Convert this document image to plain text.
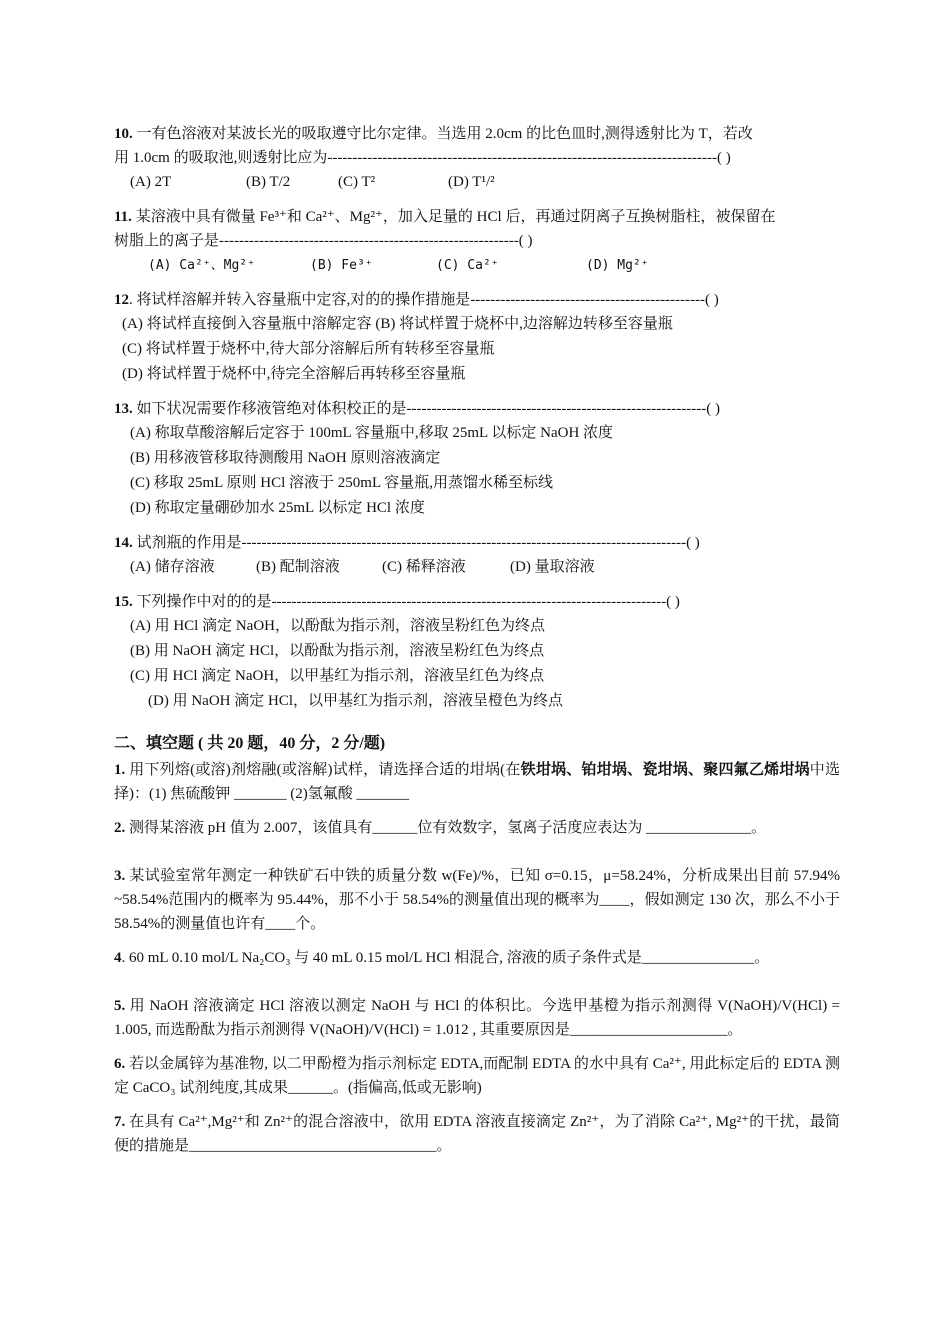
10. 一有色溶液对某波长光的吸取遵守比尔定律。当选用 2.0cm 的比色皿时,测得透射比为 T，若改
用 1.0cm 的吸取池,则透射比应为------------------------------------------------------------------------------( )
(A) 2T	(B) T/2	(C) T²	(D) T¹/²
11. 某溶液中具有微量 Fe³⁺和 Ca²⁺、Mg²⁺，加入足量的 HCl 后，再通过阴离子互换树脂柱，被保留在
树脂上的离子是------------------------------------------------------------( )
(A) Ca²⁺、Mg²⁺	(B) Fe³⁺	(C) Ca²⁺	(D) Mg²⁺
12. 将试样溶解并转入容量瓶中定容,对的的操作措施是-----------------------------------------------( )
(A) 将试样直接倒入容量瓶中溶解定容 (B) 将试样置于烧杯中,边溶解边转移至容量瓶
(C) 将试样置于烧杯中,待大部分溶解后所有转移至容量瓶
(D) 将试样置于烧杯中,待完全溶解后再转移至容量瓶
13. 如下状况需要作移液管绝对体积校正的是------------------------------------------------------------( )
(A) 称取草酸溶解后定容于 100mL 容量瓶中,移取 25mL 以标定 NaOH 浓度
(B) 用移液管移取待测酸用 NaOH 原则溶液滴定
(C) 移取 25mL 原则 HCl 溶液于 250mL 容量瓶,用蒸馏水稀至标线
(D) 称取定量硼砂加水 25mL 以标定 HCl 浓度
14. 试剂瓶的作用是-----------------------------------------------------------------------------------------( )
(A) 储存溶液	(B) 配制溶液	(C) 稀释溶液	(D) 量取溶液
15. 下列操作中对的的是-------------------------------------------------------------------------------( )
(A) 用 HCl 滴定 NaOH，以酚酞为指示剂，溶液呈粉红色为终点
(B) 用 NaOH 滴定 HCl，以酚酞为指示剂，溶液呈粉红色为终点
(C) 用 HCl 滴定 NaOH，以甲基红为指示剂，溶液呈红色为终点
(D) 用 NaOH 滴定 HCl，以甲基红为指示剂，溶液呈橙色为终点
二、填空题 ( 共 20 题，40 分，2 分/题)
1. 用下列熔(或溶)剂熔融(或溶解)试样，请选择合适的坩埚(在铁坩埚、铂坩埚、瓷坩埚、聚四氟乙烯坩埚中选择)：(1) 焦硫酸钾 _______ (2)氢氟酸 _______
2. 测得某溶液 pH 值为 2.007，该值具有______位有效数字，氢离子活度应表达为 ______________。
3. 某试验室常年测定一种铁矿石中铁的质量分数 w(Fe)/%，已知 σ=0.15，μ=58.24%，分析成果出目前 57.94% ~58.54%范围内的概率为 95.44%，那不小于 58.54%的测量值出现的概率为____，假如测定 130 次，那么不小于 58.54%的测量值也许有____个。
4. 60 mL 0.10 mol/L Na₂CO₃ 与 40 mL 0.15 mol/L HCl 相混合, 溶液的质子条件式是_______________。
5. 用 NaOH 溶液滴定 HCl 溶液以测定 NaOH 与 HCl 的体积比。今选甲基橙为指示剂测得 V(NaOH)/V(HCl) = 1.005, 而选酚酞为指示剂测得 V(NaOH)/V(HCl) = 1.012 , 其重要原因是_____________________。
6. 若以金属锌为基准物, 以二甲酚橙为指示剂标定 EDTA,而配制 EDTA 的水中具有 Ca²⁺, 用此标定后的 EDTA 测定 CaCO₃ 试剂纯度,其成果______。(指偏高,低或无影响)
7. 在具有 Ca²⁺,Mg²⁺和 Zn²⁺的混合溶液中，欲用 EDTA 溶液直接滴定 Zn²⁺，为了消除 Ca²⁺, Mg²⁺的干扰，最简便的措施是_________________________________。
